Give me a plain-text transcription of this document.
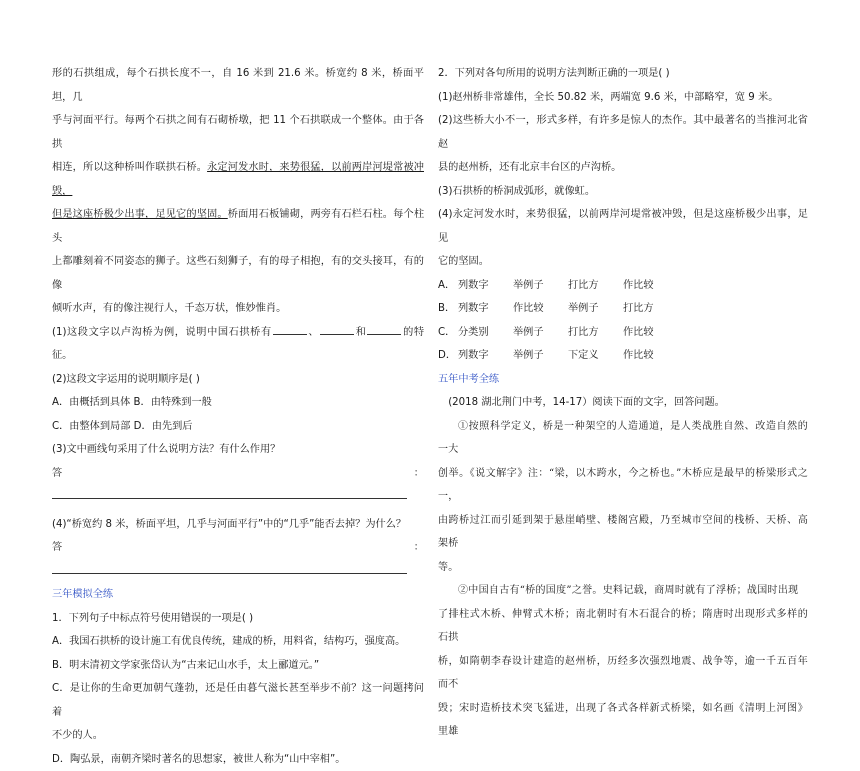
形的石拱组成，每个石拱长度不一，自 16 米到 21.6 米。桥宽约 8 米，桥面平坦，几

乎与河面平行。每两个石拱之间有石砌桥墩，把 11 个石拱联成一个整体。由于各拱

相连，所以这种桥叫作联拱石桥。永定河发水时，来势很猛，以前两岸河堤常被冲毁，

但是这座桥极少出事，足见它的坚固。桥面用石板铺砌，两旁有石栏石柱。每个柱头

上都雕刻着不同姿态的狮子。这些石刻狮子，有的母子相抱，有的交头接耳，有的像

倾听水声，有的像注视行人，千态万状，惟妙惟肖。

(1)这段文字以卢沟桥为例，说明中国石拱桥有	、	和	的特征。

(2)这段文字运用的说明顺序是( )

A．由概括到具体 B．由特殊到一般

C．由整体到局部 D．由先到后

(3)文中画线句采用了什么说明方法？有什么作用？

答：

(4)“桥宽约 8 米，桥面平坦，几乎与河面平行”中的“几乎”能否去掉？为什么？

答：

三年模拟全练

1．下列句子中标点符号使用错误的一项是( )

A．我国石拱桥的设计施工有优良传统，建成的桥，用料省，结构巧，强度高。

B．明末清初文学家张岱认为“古来记山水手，太上郦道元。”

C．是让你的生命更加朝气蓬勃，还是任由暮气滋长甚至举步不前？这一问题拷问着

不少的人。

D．陶弘景，南朝齐梁时著名的思想家，被世人称为“山中宰相”。

2．下列对各句所用的说明方法判断正确的一项是( )

(1)赵州桥非常雄伟，全长 50.82 米，两端宽 9.6 米，中部略窄，宽 9 米。

(2)这些桥大小不一，形式多样，有许多是惊人的杰作。其中最著名的当推河北省赵

县的赵州桥，还有北京丰台区的卢沟桥。

(3)石拱桥的桥洞成弧形，就像虹。

(4)永定河发水时，来势很猛，以前两岸河堤常被冲毁，但是这座桥极少出事，足见

它的坚固。

A． 列数字 举例子 打比方 作比较

B． 列数字 作比较 举例子 打比方

C． 分类别 举例子 打比方 作比较

D． 列数字 举例子 下定义 作比较

五年中考全练

(2018 湖北荆门中考，14-17）阅读下面的文字，回答问题。

①按照科学定义，桥是一种架空的人造通道，是人类战胜自然、改造自然的一大

创举。《说文解字》注：“梁，以木跨水，今之桥也。”木桥应是最早的桥梁形式之一，

由跨桥过江而引延到架于悬崖峭壁、楼阁宫殿，乃至城市空间的栈桥、天桥、高架桥

等。

②中国自古有“桥的国度”之誉。史料记载，商周时就有了浮桥；战国时出现

了排柱式木桥、伸臂式木桥；南北朝时有木石混合的桥；隋唐时出现形式多样的石拱

桥，如隋朝李春设计建造的赵州桥，历经多次强烈地震、战争等，逾一千五百年而不

毁；宋时造桥技术突飞猛进，出现了各式各样新式桥梁，如名画《清明上河图》里雄
